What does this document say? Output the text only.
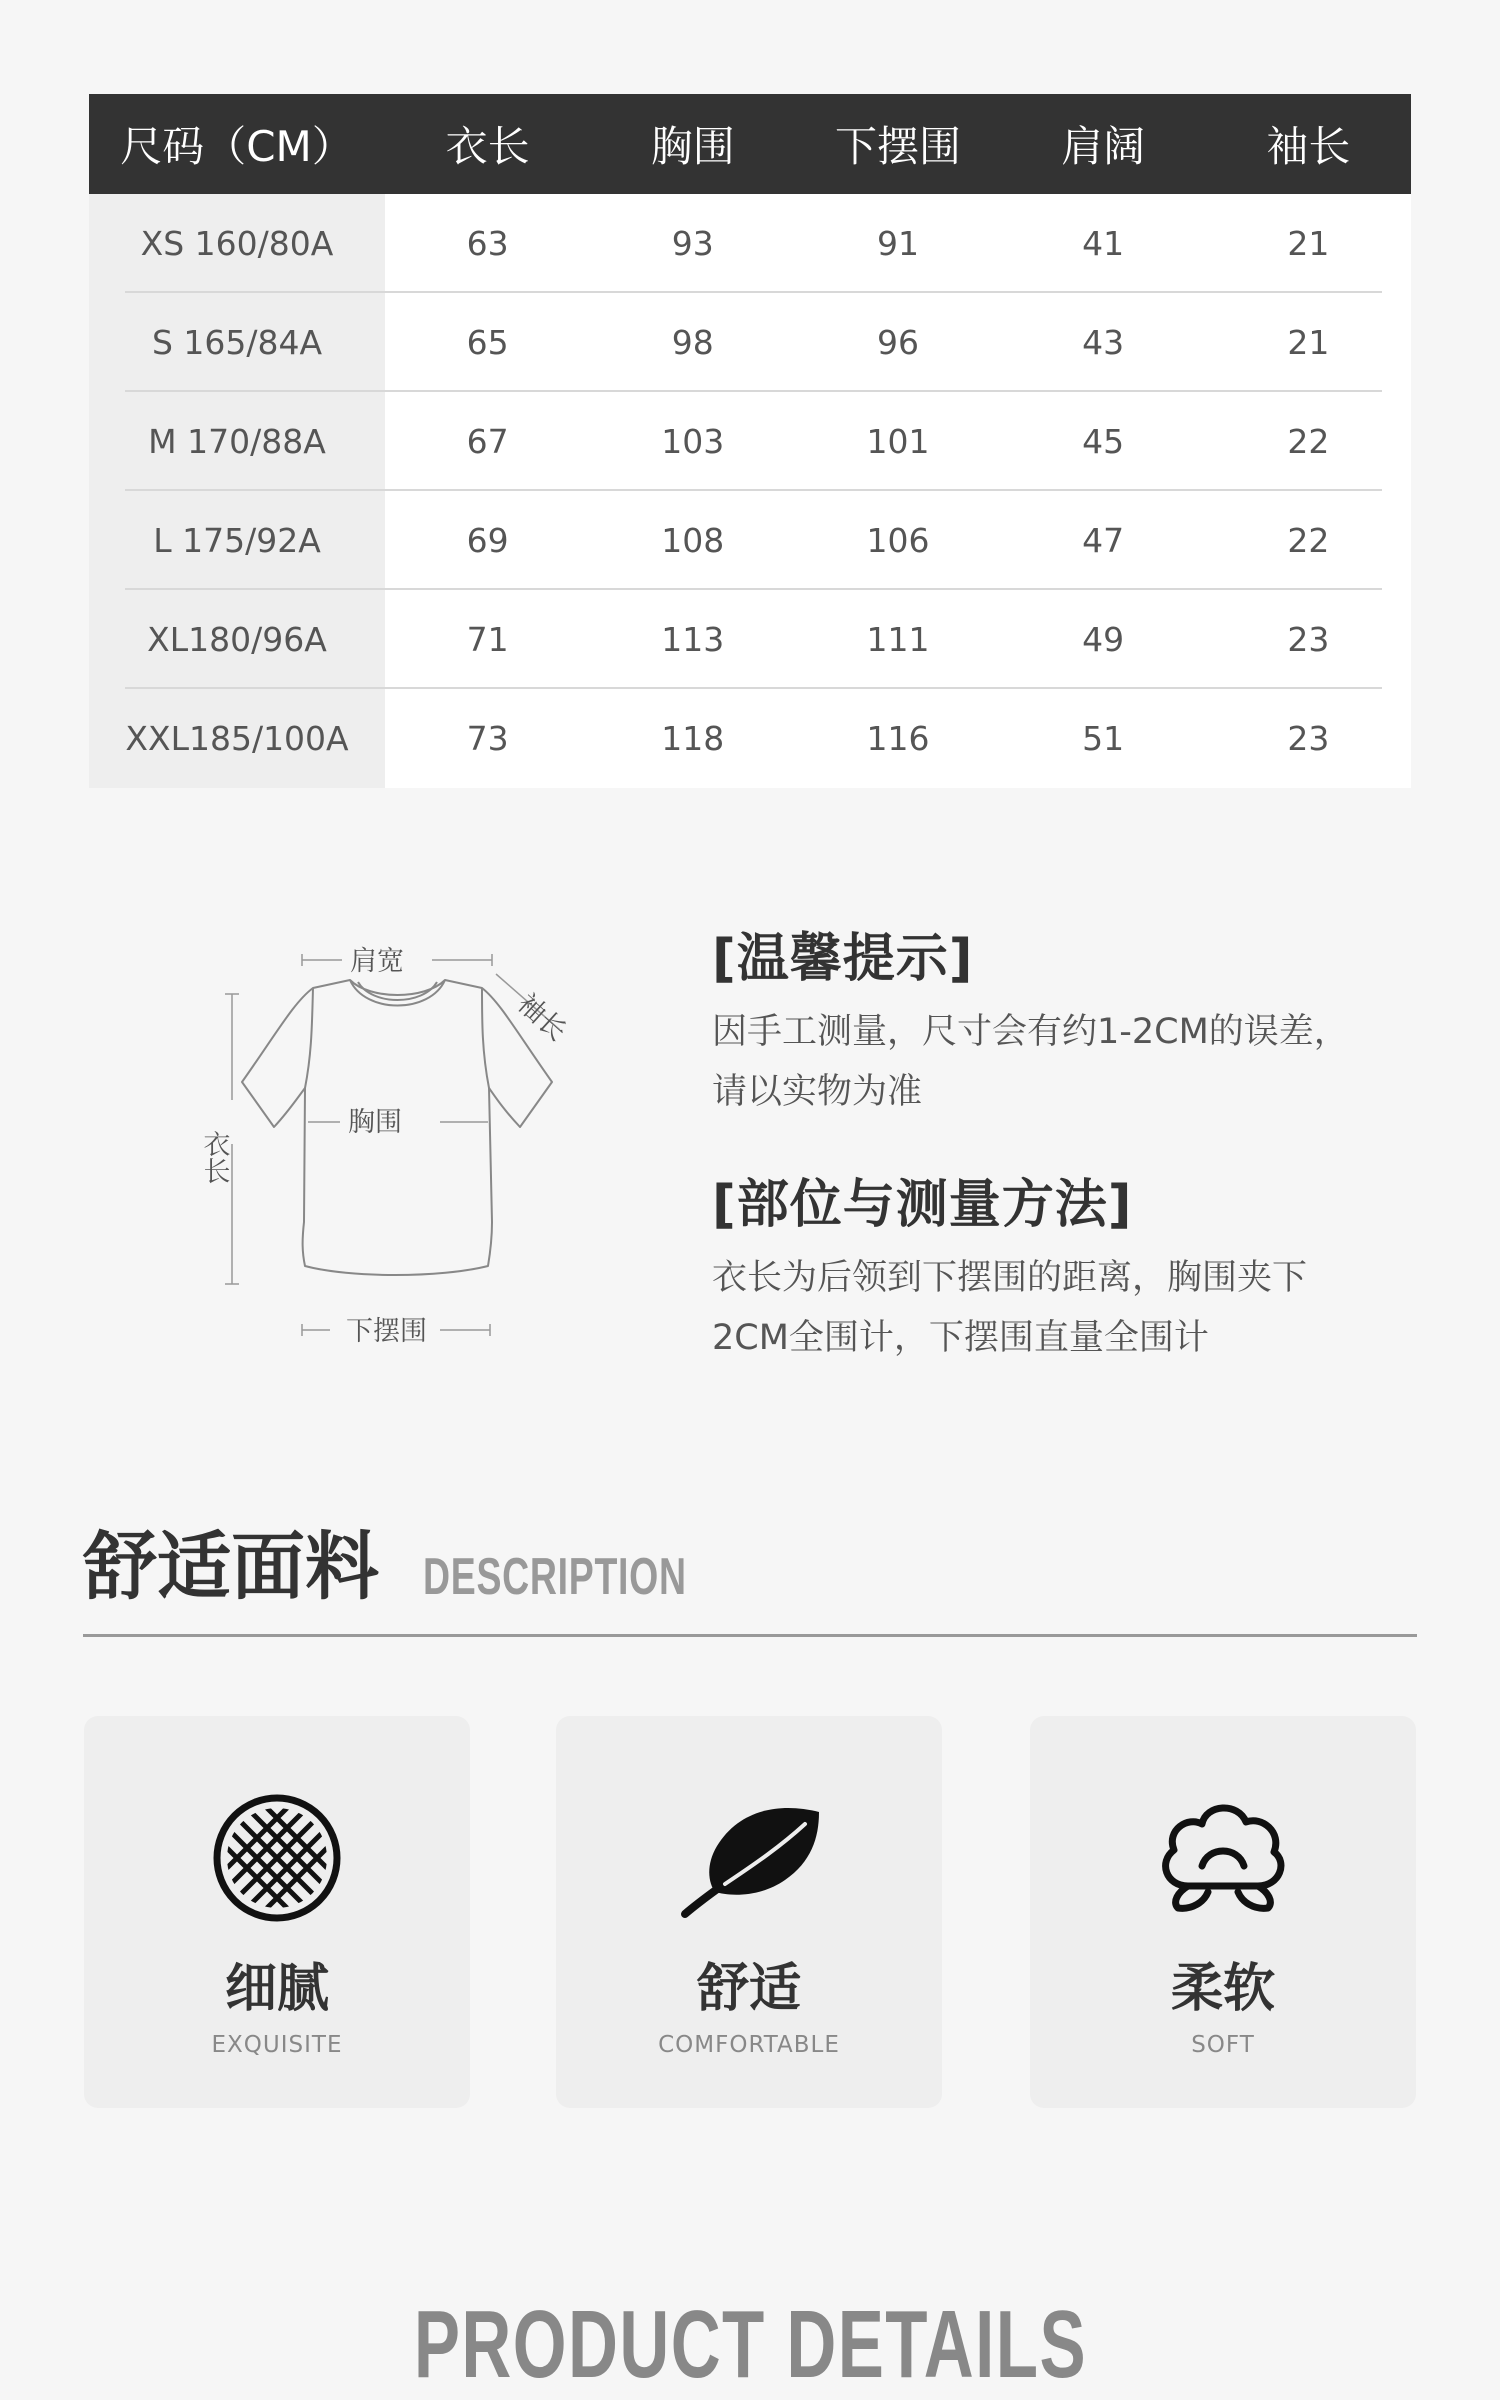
尺码（CM）	衣长	胸围	下摆围	肩阔	袖长
XS 160/80A	63	93	91	41	21
S 165/84A	65	98	96	43	21
M 170/88A	67	103	101	45	22
L 175/92A	69	108	106	47	22
XL180/96A	71	113	111	49	23
XXL185/100A	73	118	116	51	23
肩宽
袖长
衣长
胸围
下摆围
[温馨提示]
因手工测量，尺寸会有约1-2CM的误差，
请以实物为准
[部位与测量方法]
衣长为后领到下摆围的距离，胸围夹下
2CM全围计，下摆围直量全围计
舒适面料 DESCRIPTION
细腻
EXQUISITE
舒适
COMFORTABLE
柔软
SOFT
PRODUCT DETAILS
